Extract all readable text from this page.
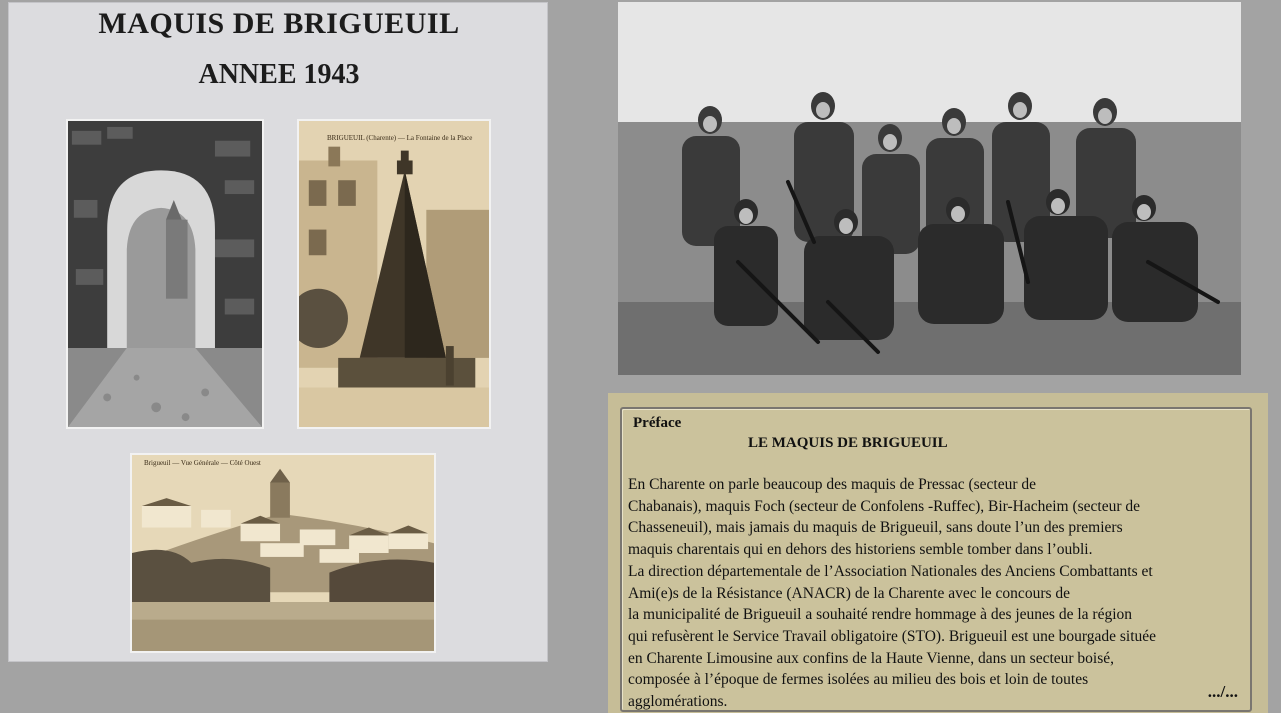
MAQUIS DE BRIGUEUIL
ANNEE 1943
BRIGUEUIL (Charente) — La Fontaine de la Place
Brigueuil — Vue Générale — Côté Ouest
Préface
LE MAQUIS DE BRIGUEUIL
En Charente on parle beaucoup des maquis de Pressac (secteur de
Chabanais), maquis Foch (secteur de Confolens -Ruffec), Bir-Hacheim (secteur de
Chasseneuil), mais jamais du maquis de Brigueuil, sans doute l’un des premiers
maquis charentais qui en dehors des historiens semble tomber dans l’oubli.
La direction départementale de l’Association Nationales des Anciens Combattants et
Ami(e)s de la Résistance (ANACR) de la Charente avec le concours de
la municipalité de Brigueuil a souhaité rendre hommage à des jeunes de la région
qui refusèrent le Service Travail obligatoire (STO). Brigueuil est une bourgade située
en Charente Limousine aux confins de la Haute Vienne, dans un secteur boisé,
composée à l’époque de fermes isolées au milieu des bois et loin de toutes
agglomérations.
.../...
